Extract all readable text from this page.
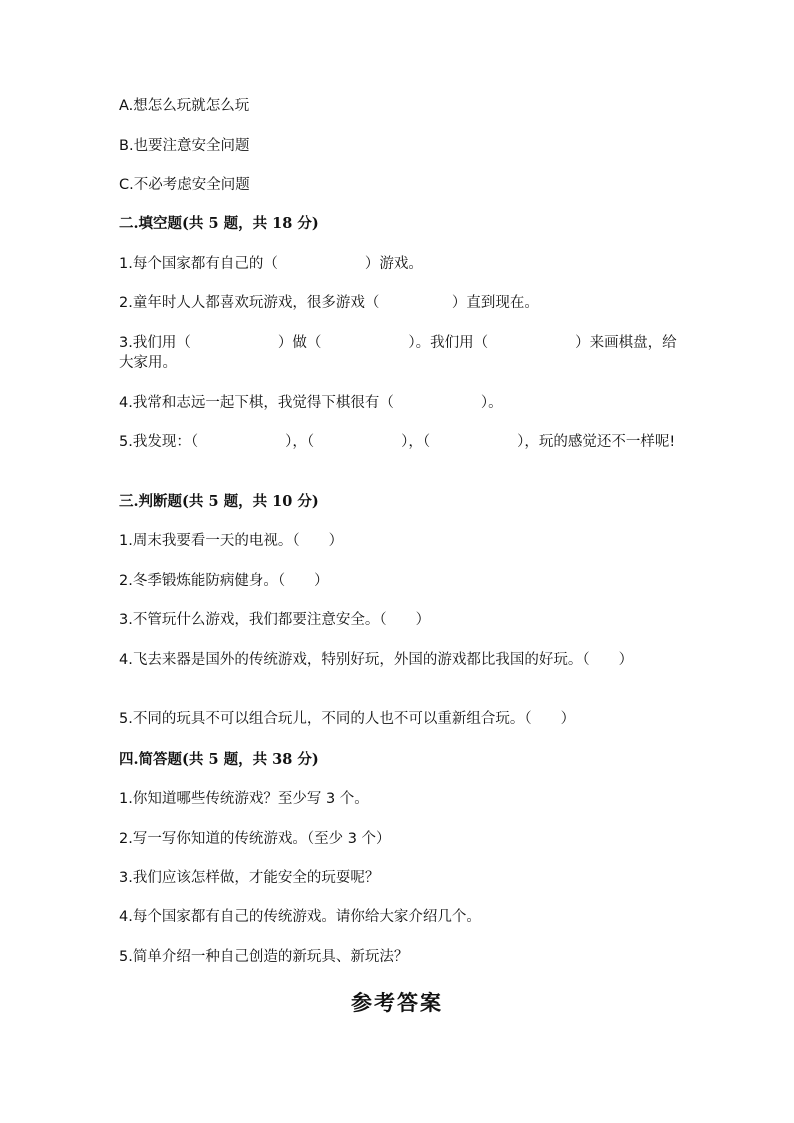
A.想怎么玩就怎么玩
B.也要注意安全问题
C.不必考虑安全问题
二.填空题(共 5 题，共 18 分)
1.每个国家都有自己的（　　　　　　）游戏。
2.童年时人人都喜欢玩游戏，很多游戏（　　　　　）直到现在。
3.我们用（　　　　　　）做（　　　　　　）。我们用（　　　　　　）来画棋盘，给大家用。
4.我常和志远一起下棋，我觉得下棋很有（　　　　　　）。
5.我发现：（　　　　　　），（　　　　　　），（　　　　　　），玩的感觉还不一样呢!
三.判断题(共 5 题，共 10 分)
1.周末我要看一天的电视。（　　）
2.冬季锻炼能防病健身。（　　）
3.不管玩什么游戏，我们都要注意安全。（　　）
4.飞去来器是国外的传统游戏，特别好玩，外国的游戏都比我国的好玩。（　　）
5.不同的玩具不可以组合玩儿，不同的人也不可以重新组合玩。（　　）
四.简答题(共 5 题，共 38 分)
1.你知道哪些传统游戏？至少写 3 个。
2.写一写你知道的传统游戏。（至少 3 个）
3.我们应该怎样做，才能安全的玩耍呢？
4.每个国家都有自己的传统游戏。请你给大家介绍几个。
5.简单介绍一种自己创造的新玩具、新玩法？
参考答案
